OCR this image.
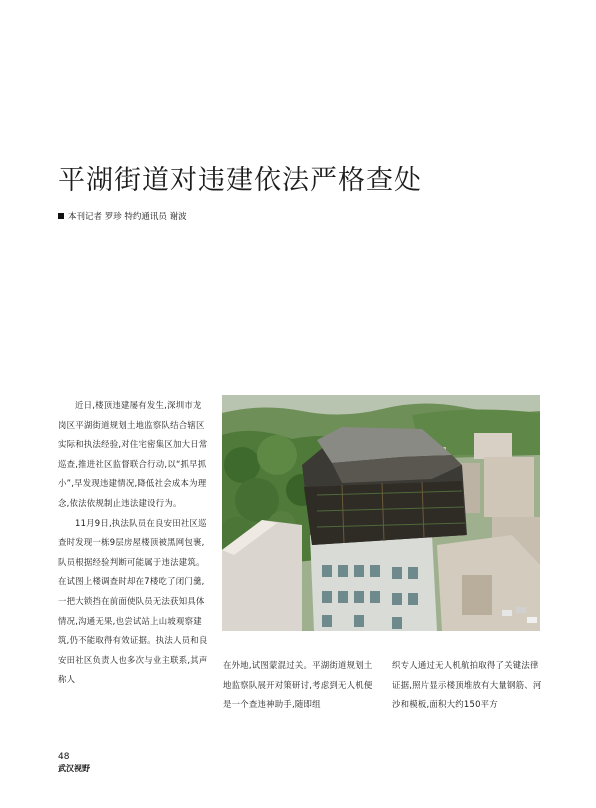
平湖街道对违建依法严格查处
本刊记者 罗珍 特约通讯员 谢波

近日,楼顶违建屡有发生,深圳市龙岗区平湖街道规划土地监察队结合辖区实际和执法经验,对住宅密集区加大日常巡查,推进社区监督联合行动,以“抓早抓小”,早发现违建情况,降低社会成本为理念,依法依规制止违法建设行为。

11月9日,执法队员在良安田社区巡查时发现一栋9层房屋楼顶被黑网包裹,队员根据经验判断可能属于违法建筑。在试图上楼调查时却在7楼吃了闭门羹,一把大锁挡在前面使队员无法获知具体情况,沟通无果,也尝试站上山坡观察建筑,仍不能取得有效证据。执法人员和良安田社区负责人也多次与业主联系,其声称人

在外地,试图蒙混过关。平湖街道规划土地监察队展开对策研讨,考虑到无人机便是一个查违神助手,随即组

织专人通过无人机航拍取得了关键法律证据,照片显示楼顶堆放有大量钢筋、河沙和模板,面积大约150平方

48
武汉视野
